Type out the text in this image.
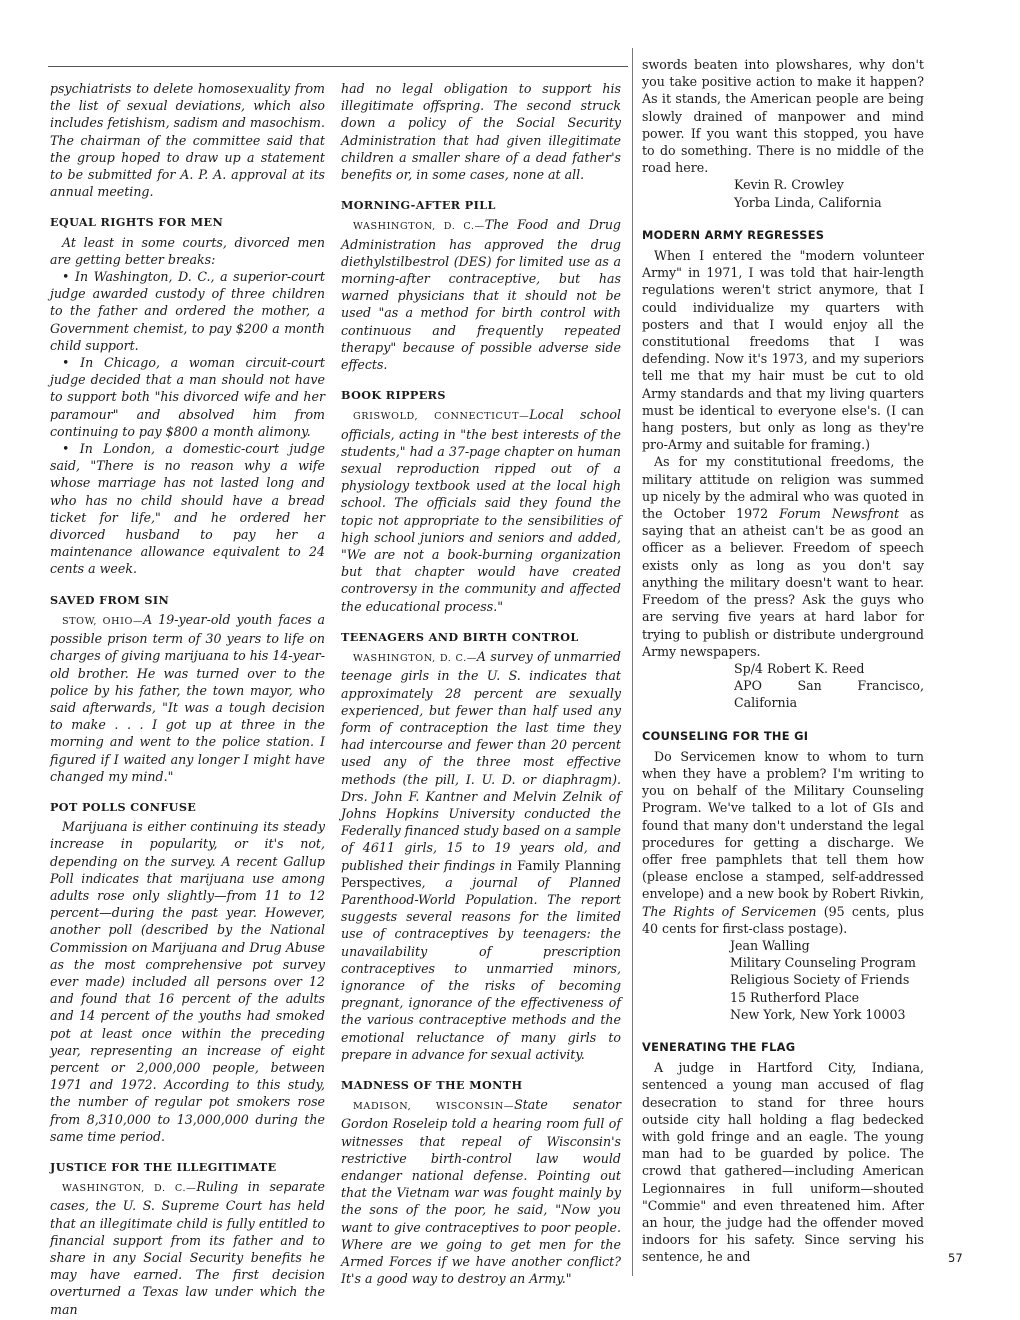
psychiatrists to delete homosexuality from the list of sexual deviations, which also includes fetishism, sadism and masochism. The chairman of the committee said that the group hoped to draw up a statement to be submitted for A. P. A. approval at its annual meeting.

EQUAL RIGHTS FOR MEN

At least in some courts, divorced men are getting better breaks:

• In Washington, D. C., a superior-court judge awarded custody of three children to the father and ordered the mother, a Government chemist, to pay $200 a month child support.

• In Chicago, a woman circuit-court judge decided that a man should not have to support both "his divorced wife and her paramour" and absolved him from continuing to pay $800 a month alimony.

• In London, a domestic-court judge said, "There is no reason why a wife whose marriage has not lasted long and who has no child should have a bread ticket for life," and he ordered her divorced husband to pay her a maintenance allowance equivalent to 24 cents a week.

SAVED FROM SIN

STOW, OHIO—A 19-year-old youth faces a possible prison term of 30 years to life on charges of giving marijuana to his 14-year-old brother. He was turned over to the police by his father, the town mayor, who said afterwards, "It was a tough decision to make . . . I got up at three in the morning and went to the police station. I figured if I waited any longer I might have changed my mind."

POT POLLS CONFUSE

Marijuana is either continuing its steady increase in popularity, or it's not, depending on the survey. A recent Gallup Poll indicates that marijuana use among adults rose only slightly—from 11 to 12 percent—during the past year. However, another poll (described by the National Commission on Marijuana and Drug Abuse as the most comprehensive pot survey ever made) included all persons over 12 and found that 16 percent of the adults and 14 percent of the youths had smoked pot at least once within the preceding year, representing an increase of eight percent or 2,000,000 people, between 1971 and 1972. According to this study, the number of regular pot smokers rose from 8,310,000 to 13,000,000 during the same time period.

JUSTICE FOR THE ILLEGITIMATE

WASHINGTON, D. C.—Ruling in separate cases, the U. S. Supreme Court has held that an illegitimate child is fully entitled to financial support from its father and to share in any Social Security benefits he may have earned. The first decision overturned a Texas law under which the man

had no legal obligation to support his illegitimate offspring. The second struck down a policy of the Social Security Administration that had given illegitimate children a smaller share of a dead father's benefits or, in some cases, none at all.

MORNING-AFTER PILL

WASHINGTON, D. C.—The Food and Drug Administration has approved the drug diethylstilbestrol (DES) for limited use as a morning-after contraceptive, but has warned physicians that it should not be used "as a method for birth control with continuous and frequently repeated therapy" because of possible adverse side effects.

BOOK RIPPERS

GRISWOLD, CONNECTICUT—Local school officials, acting in "the best interests of the students," had a 37-page chapter on human sexual reproduction ripped out of a physiology textbook used at the local high school. The officials said they found the topic not appropriate to the sensibilities of high school juniors and seniors and added, "We are not a book-burning organization but that chapter would have created controversy in the community and affected the educational process."

TEENAGERS AND BIRTH CONTROL

WASHINGTON, D. C.—A survey of unmarried teenage girls in the U. S. indicates that approximately 28 percent are sexually experienced, but fewer than half used any form of contraception the last time they had intercourse and fewer than 20 percent used any of the three most effective methods (the pill, I. U. D. or diaphragm). Drs. John F. Kantner and Melvin Zelnik of Johns Hopkins University conducted the Federally financed study based on a sample of 4611 girls, 15 to 19 years old, and published their findings in Family Planning Perspectives, a journal of Planned Parenthood-World Population. The report suggests several reasons for the limited use of contraceptives by teenagers: the unavailability of prescription contraceptives to unmarried minors, ignorance of the risks of becoming pregnant, ignorance of the effectiveness of the various contraceptive methods and the emotional reluctance of many girls to prepare in advance for sexual activity.

MADNESS OF THE MONTH

MADISON, WISCONSIN—State senator Gordon Roseleip told a hearing room full of witnesses that repeal of Wisconsin's restrictive birth-control law would endanger national defense. Pointing out that the Vietnam war was fought mainly by the sons of the poor, he said, "Now you want to give contraceptives to poor people. Where are we going to get men for the Armed Forces if we have another conflict? It's a good way to destroy an Army."

swords beaten into plowshares, why don't you take positive action to make it happen? As it stands, the American people are being slowly drained of manpower and mind power. If you want this stopped, you have to do something. There is no middle of the road here.

Kevin R. Crowley

Yorba Linda, California

MODERN ARMY REGRESSES

When I entered the "modern volunteer Army" in 1971, I was told that hair-length regulations weren't strict anymore, that I could individualize my quarters with posters and that I would enjoy all the constitutional freedoms that I was defending. Now it's 1973, and my superiors tell me that my hair must be cut to old Army standards and that my living quarters must be identical to everyone else's. (I can hang posters, but only as long as they're pro-Army and suitable for framing.)

As for my constitutional freedoms, the military attitude on religion was summed up nicely by the admiral who was quoted in the October 1972 Forum Newsfront as saying that an atheist can't be as good an officer as a believer. Freedom of speech exists only as long as you don't say anything the military doesn't want to hear. Freedom of the press? Ask the guys who are serving five years at hard labor for trying to publish or distribute underground Army newspapers.

Sp/4 Robert K. Reed

APO San Francisco, California

COUNSELING FOR THE GI

Do Servicemen know to whom to turn when they have a problem? I'm writing to you on behalf of the Military Counseling Program. We've talked to a lot of GIs and found that many don't understand the legal procedures for getting a discharge. We offer free pamphlets that tell them how (please enclose a stamped, self-addressed envelope) and a new book by Robert Rivkin, The Rights of Servicemen (95 cents, plus 40 cents for first-class postage).

Jean Walling

Military Counseling Program

Religious Society of Friends

15 Rutherford Place

New York, New York 10003

VENERATING THE FLAG

A judge in Hartford City, Indiana, sentenced a young man accused of flag desecration to stand for three hours outside city hall holding a flag bedecked with gold fringe and an eagle. The young man had to be guarded by police. The crowd that gathered—including American Legionnaires in full uniform—shouted "Commie" and even threatened him. After an hour, the judge had the offender moved indoors for his safety. Since serving his sentence, he and	57
